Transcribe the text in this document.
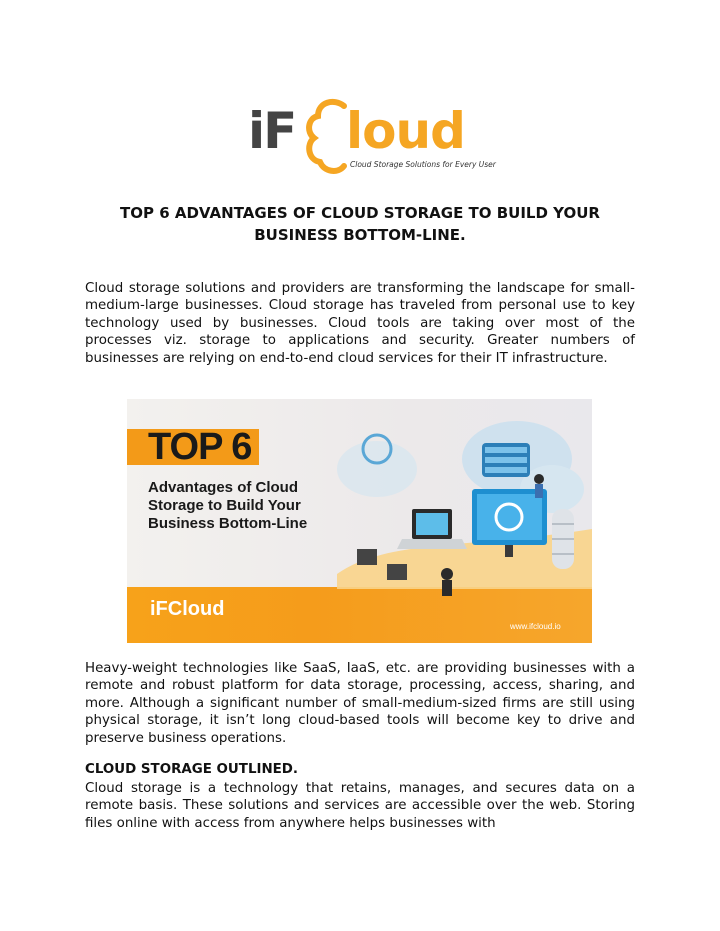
iF loud
Cloud Storage Solutions for Every User
TOP 6 ADVANTAGES OF CLOUD STORAGE TO BUILD YOUR BUSINESS BOTTOM-LINE.
Cloud storage solutions and providers are transforming the landscape for small-medium-large businesses. Cloud storage has traveled from personal use to key technology used by businesses. Cloud tools are taking over most of the processes viz. storage to applications and security. Greater numbers of businesses are relying on end-to-end cloud services for their IT infrastructure.
TOP 6
Advantages of Cloud Storage to Build Your Business Bottom-Line
iFCloud
www.ifcloud.io
Heavy-weight technologies like SaaS, IaaS, etc. are providing businesses with a remote and robust platform for data storage, processing, access, sharing, and more. Although a significant number of small-medium-sized firms are still using physical storage, it isn’t long cloud-based tools will become key to drive and preserve business operations.
CLOUD STORAGE OUTLINED.
Cloud storage is a technology that retains, manages, and secures data on a remote basis. These solutions and services are accessible over the web. Storing files online with access from anywhere helps businesses with
